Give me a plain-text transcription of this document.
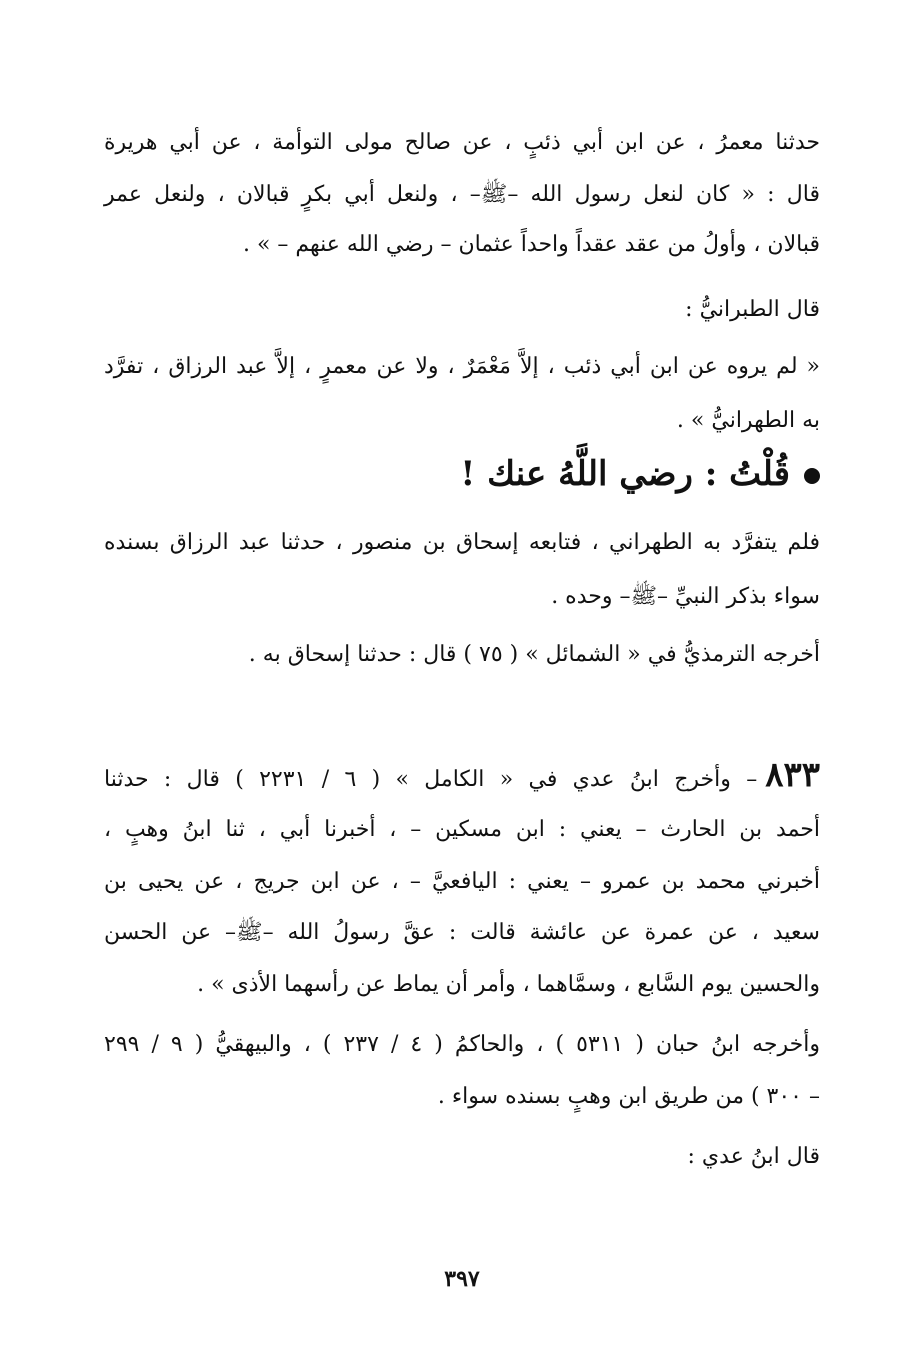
حدثنا معمرُ ، عن ابن أبي ذئبٍ ، عن صالح مولى التوأمة ، عن أبي هريرة
قال : « كان لنعل رسول الله –ﷺ– ، ولنعل أبي بكرٍ قبالان ، ولنعل عمر
قبالان ، وأولُ من عقد عقداً واحداً عثمان – رضي الله عنهم – » .
قال الطبرانيُّ :
« لم يروه عن ابن أبي ذئب ، إلاَّ مَعْمَرٌ ، ولا عن معمرٍ ، إلاَّ عبد الرزاق ، تفرَّد
به الطهرانيُّ » .
قُلْتُ : رضي اللَّهُ عنك !
فلم يتفرَّد به الطهراني ، فتابعه إسحاق بن منصور ، حدثنا عبد الرزاق بسنده
سواء بذكر النبيِّ –ﷺ– وحده .
أخرجه الترمذيُّ في « الشمائل » ( ٧٥ ) قال : حدثنا إسحاق به .
٨٣٣– وأخرج ابنُ عدي في « الكامل » ( ٦ / ٢٢٣١ ) قال : حدثنا
أحمد بن الحارث – يعني : ابن مسكين – ، أخبرنا أبي ، ثنا ابنُ وهبٍ ،
أخبرني محمد بن عمرو – يعني : اليافعيَّ – ، عن ابن جريج ، عن يحيى بن
سعيد ، عن عمرة عن عائشة قالت : عقَّ رسولُ الله –ﷺ– عن الحسن
والحسين يوم السَّابع ، وسمَّاهما ، وأمر أن يماط عن رأسهما الأذى » .
وأخرجه ابنُ حبان ( ٥٣١١ ) ، والحاكمُ ( ٤ / ٢٣٧ ) ، والبيهقيُّ ( ٩ / ٢٩٩
– ٣٠٠ ) من طريق ابن وهبٍ بسنده سواء .
قال ابنُ عدي :
٣٩٧
